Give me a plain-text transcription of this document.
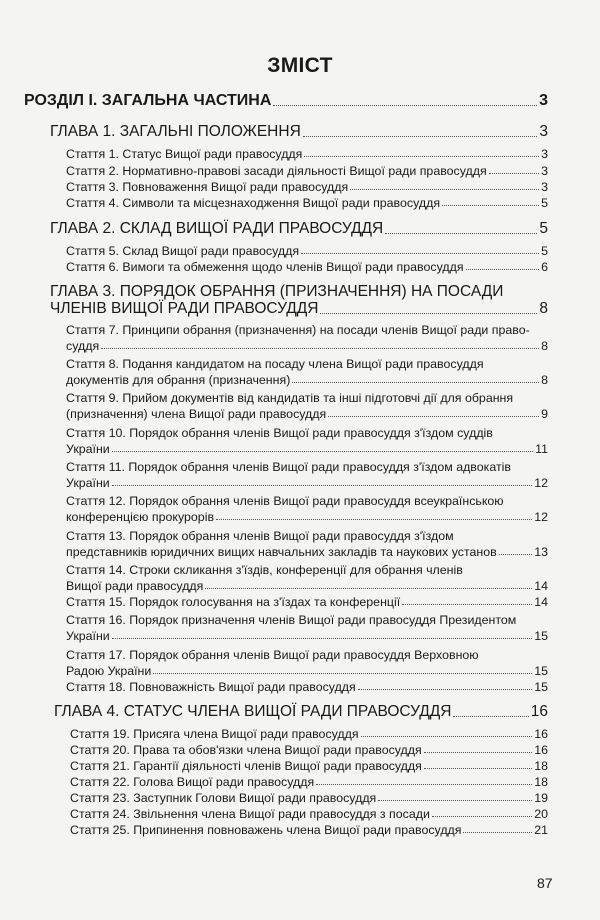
ЗМІСТ
РОЗДІЛ І. ЗАГАЛЬНА ЧАСТИНА	3
ГЛАВА 1. ЗАГАЛЬНІ ПОЛОЖЕННЯ	3
Стаття 1. Статус Вищої ради правосуддя	3
Стаття 2. Нормативно-правові засади діяльності Вищої ради правосуддя	3
Стаття 3. Повноваження Вищої ради правосуддя	3
Стаття 4. Символи та місцезнаходження Вищої ради правосуддя	5
ГЛАВА 2. СКЛАД ВИЩОЇ РАДИ ПРАВОСУДДЯ	5
Стаття 5. Склад Вищої ради правосуддя	5
Стаття 6. Вимоги та обмеження щодо членів Вищої ради правосуддя	6
ГЛАВА 3. ПОРЯДОК ОБРАННЯ (ПРИЗНАЧЕННЯ) НА ПОСАДИ
ЧЛЕНІВ ВИЩОЇ РАДИ ПРАВОСУДДЯ	8
Стаття 7. Принципи обрання (призначення) на посади членів Вищої ради право-
суддя	8
Стаття 8. Подання кандидатом на посаду члена Вищої ради правосуддя
документів для обрання (призначення)	8
Стаття 9. Прийом документів від кандидатів та інші підготовчі дії для обрання
(призначення) члена Вищої ради правосуддя	9
Стаття 10. Порядок обрання членів Вищої ради правосуддя з'їздом суддів
України	11
Стаття 11. Порядок обрання членів Вищої ради правосуддя з'їздом адвокатів
України	12
Стаття 12. Порядок обрання членів Вищої ради правосуддя всеукраїнською
конференцією прокурорів	12
Стаття 13. Порядок обрання членів Вищої ради правосуддя з'їздом
представників юридичних вищих навчальних закладів та наукових установ	13
Стаття 14. Строки скликання з'їздів, конференції для обрання членів
Вищої ради правосуддя	14
Стаття 15. Порядок голосування на з'їздах та конференції	14
Стаття 16. Порядок призначення членів Вищої ради правосуддя Президентом
України	15
Стаття 17. Порядок обрання членів Вищої ради правосуддя Верховною
Радою України	15
Стаття 18. Повноважність Вищої ради правосуддя	15
ГЛАВА 4. СТАТУС ЧЛЕНА ВИЩОЇ РАДИ ПРАВОСУДДЯ	16
Стаття 19. Присяга члена Вищої ради правосуддя	16
Стаття 20. Права та обов'язки члена Вищої ради правосуддя	16
Стаття 21. Гарантії діяльності членів Вищої ради правосуддя	18
Стаття 22. Голова Вищої ради правосуддя	18
Стаття 23. Заступник Голови Вищої ради правосуддя	19
Стаття 24. Звільнення члена Вищої ради правосуддя з посади	20
Стаття 25. Припинення повноважень члена Вищої ради правосуддя	21
87
